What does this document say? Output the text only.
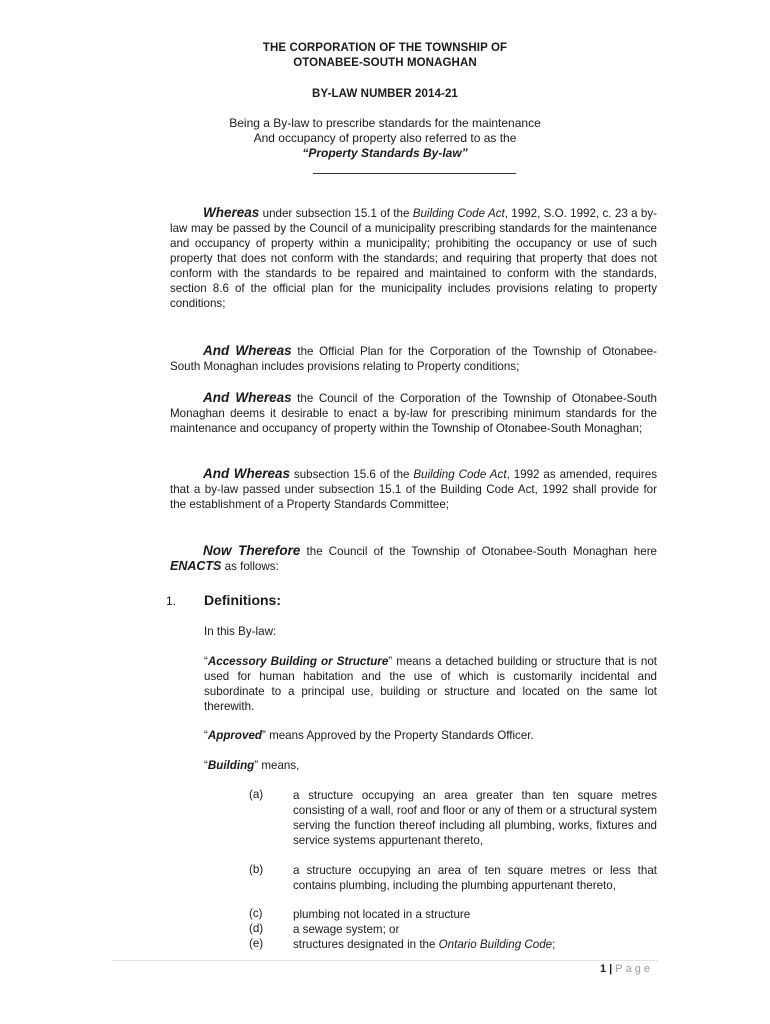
THE CORPORATION OF THE TOWNSHIP OF
OTONABEE-SOUTH MONAGHAN
BY-LAW NUMBER 2014-21
Being a By-law to prescribe standards for the maintenance
And occupancy of property also referred to as the
“Property Standards By-law”
Whereas under subsection 15.1 of the Building Code Act, 1992, S.O. 1992, c. 23 a by-law may be passed by the Council of a municipality prescribing standards for the maintenance and occupancy of property within a municipality; prohibiting the occupancy or use of such property that does not conform with the standards; and requiring that property that does not conform with the standards to be repaired and maintained to conform with the standards, section 8.6 of the official plan for the municipality includes provisions relating to property conditions;
And Whereas the Official Plan for the Corporation of the Township of Otonabee-South Monaghan includes provisions relating to Property conditions;
And Whereas the Council of the Corporation of the Township of Otonabee-South Monaghan deems it desirable to enact a by-law for prescribing minimum standards for the maintenance and occupancy of property within the Township of Otonabee-South Monaghan;
And Whereas subsection 15.6 of the Building Code Act, 1992 as amended, requires that a by-law passed under subsection 15.1 of the Building Code Act, 1992 shall provide for the establishment of a Property Standards Committee;
Now Therefore the Council of the Township of Otonabee-South Monaghan here ENACTS as follows:
1. Definitions:
In this By-law:
“Accessory Building or Structure” means a detached building or structure that is not used for human habitation and the use of which is customarily incidental and subordinate to a principal use, building or structure and located on the same lot therewith.
“Approved” means Approved by the Property Standards Officer.
“Building” means,
(a)	a structure occupying an area greater than ten square metres consisting of a wall, roof and floor or any of them or a structural system serving the function thereof including all plumbing, works, fixtures and service systems appurtenant thereto,
(b)	a structure occupying an area of ten square metres or less that contains plumbing, including the plumbing appurtenant thereto,
(c)	plumbing not located in a structure
(d)	a sewage system; or
(e)	structures designated in the Ontario Building Code;
1 | Page
